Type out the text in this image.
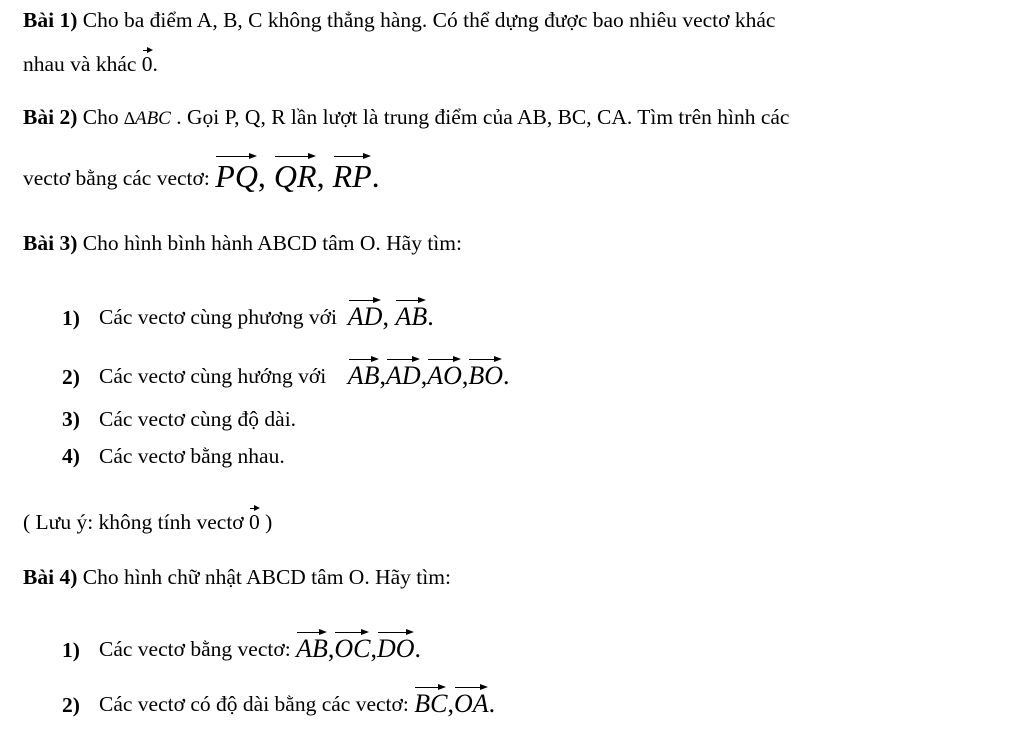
Bài 1) Cho ba điểm A, B, C không thẳng hàng. Có thể dựng được bao nhiêu vectơ khác
nhau và khác 0.
Bài 2) Cho ∆ABC . Gọi P, Q, R lần lượt là trung điểm của AB, BC, CA. Tìm trên hình các
vectơ bằng các vectơ: PQ, QR, RP.
Bài 3) Cho hình bình hành ABCD tâm O. Hãy tìm:
1) Các vectơ cùng phương với  AD, AB.
2) Các vectơ cùng hướng với    AB,AD,AO,BO.
3) Các vectơ cùng độ dài.
4) Các vectơ bằng nhau.
( Lưu ý: không tính vectơ 0 )
Bài 4) Cho hình chữ nhật ABCD tâm O. Hãy tìm:
1) Các vectơ bằng vectơ: AB,OC,DO.
2) Các vectơ có độ dài bằng các vectơ: BC,OA.
